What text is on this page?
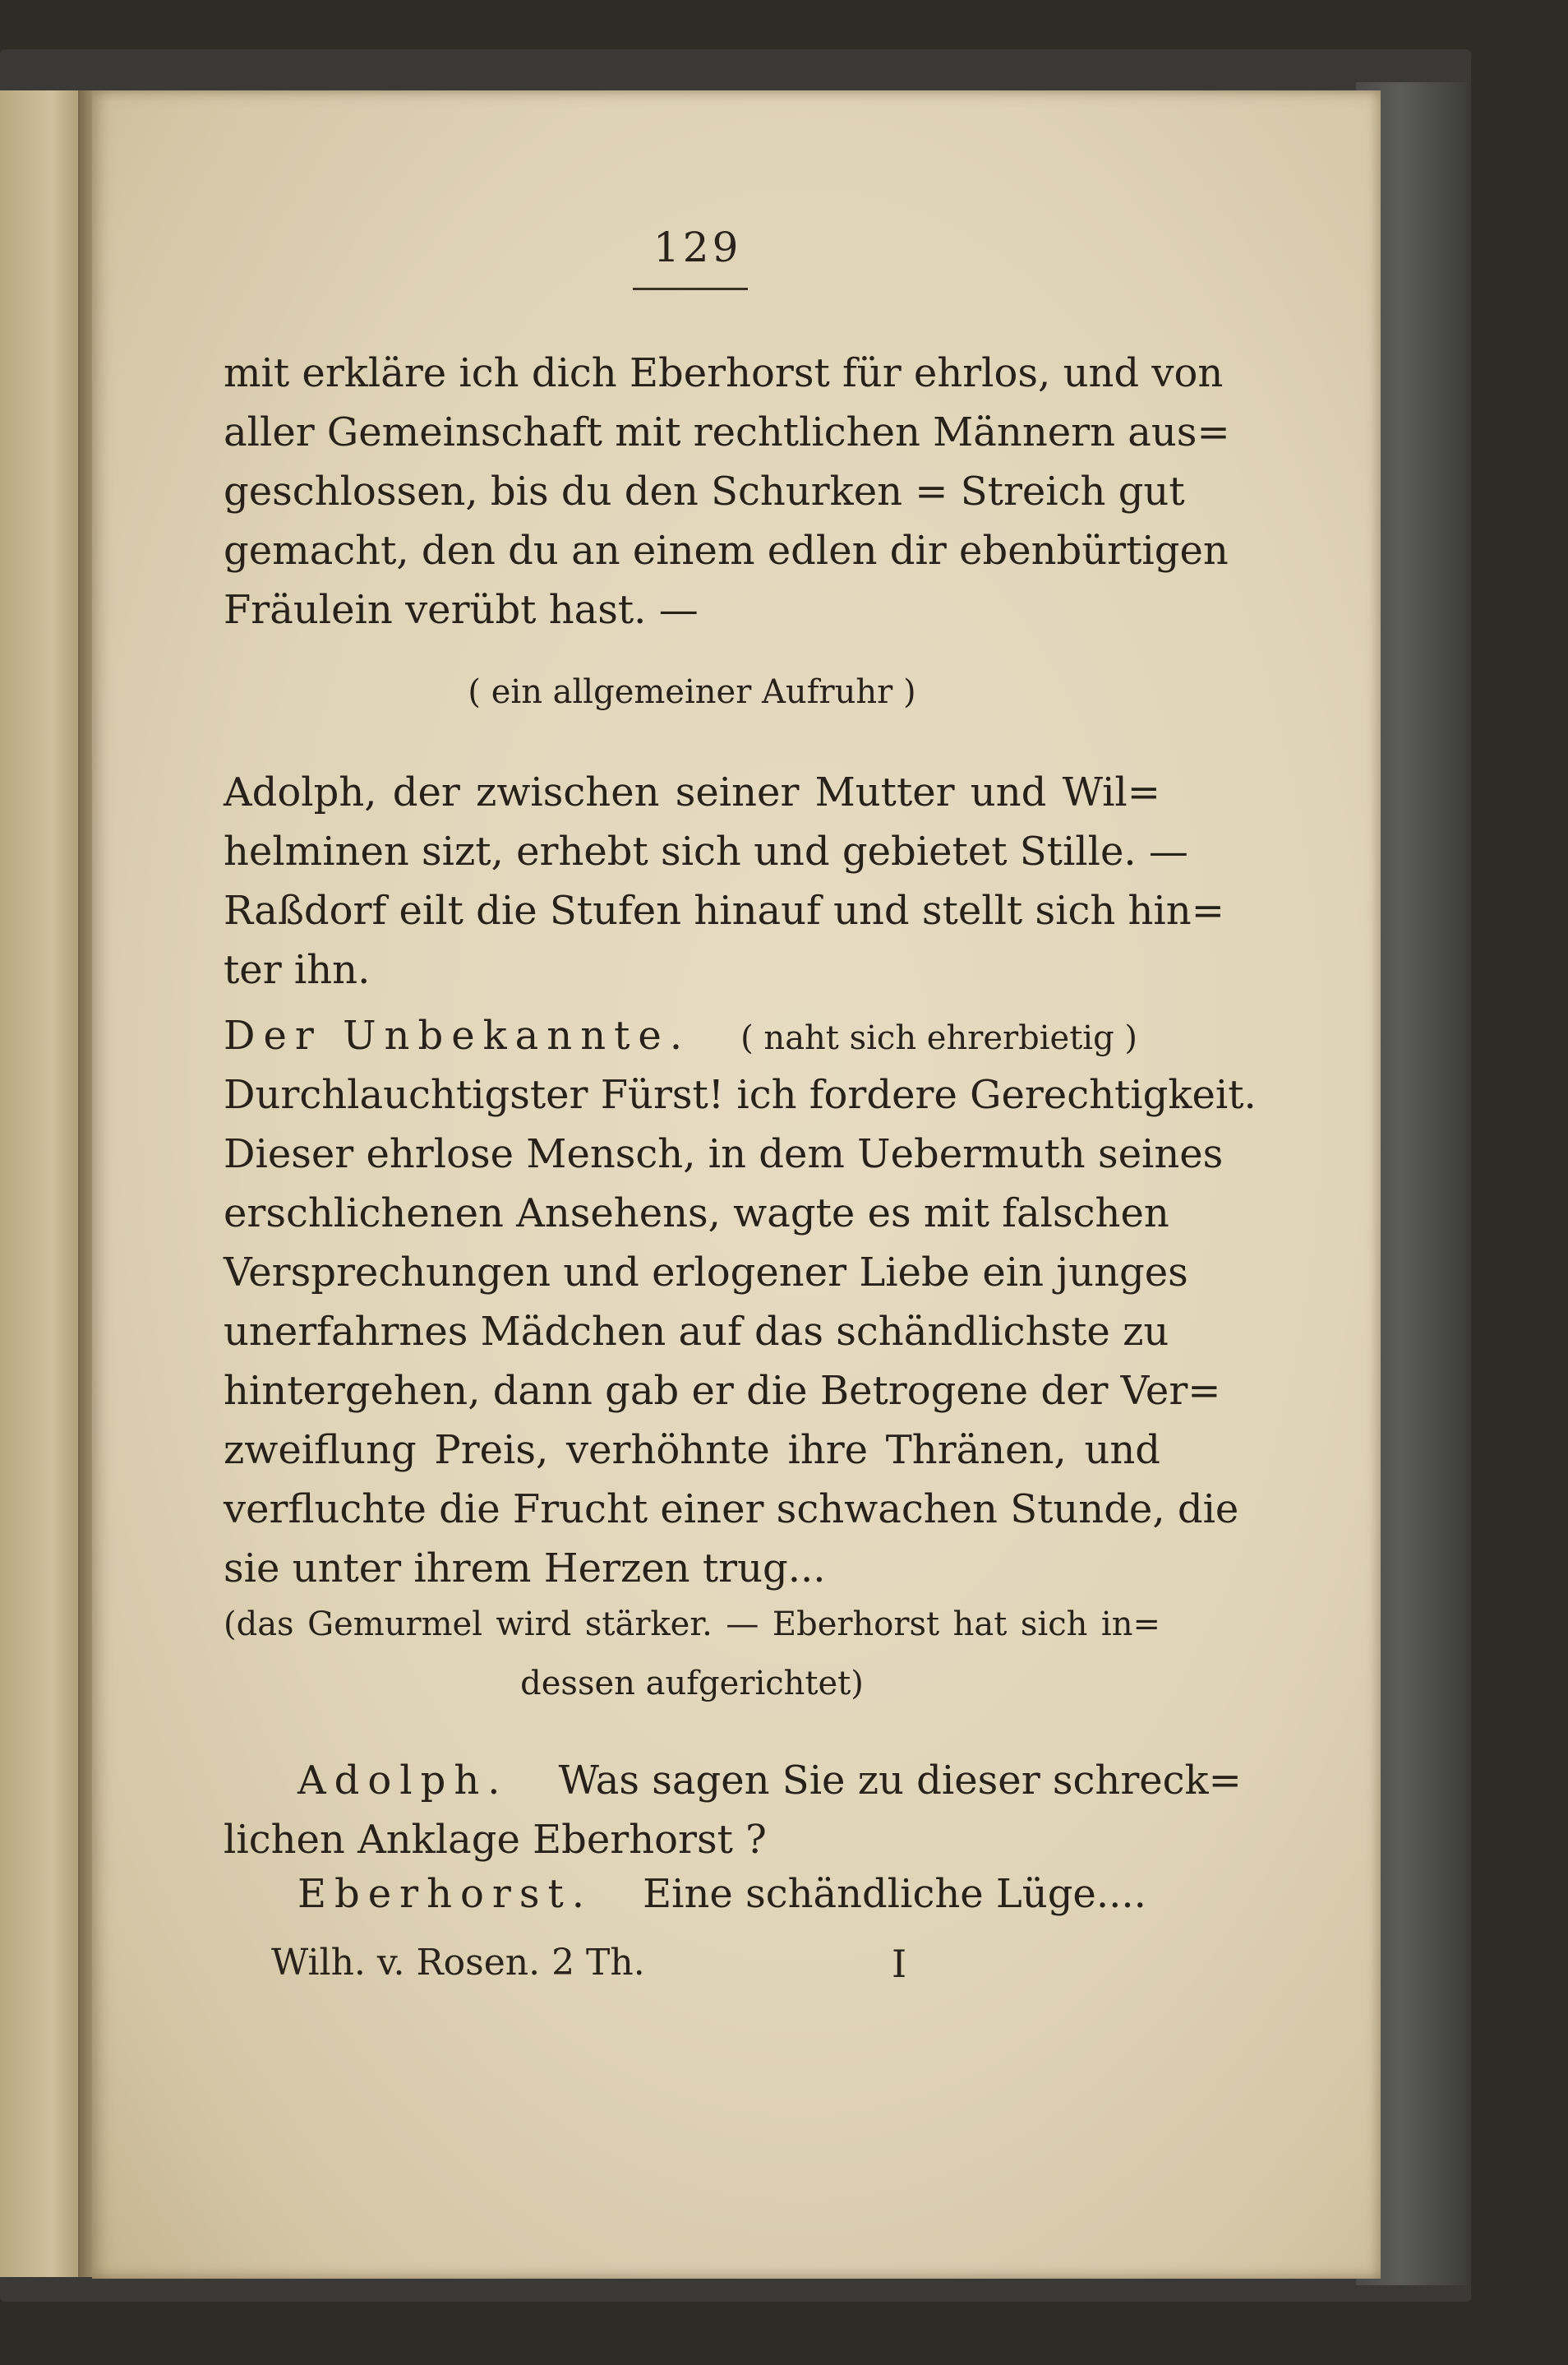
129
mit erkläre ich dich Eberhorst für ehrlos, und von
aller Gemeinschaft mit rechtlichen Männern aus=
geschlossen, bis du den Schurken = Streich gut
gemacht, den du an einem edlen dir ebenbürtigen
Fräulein verübt hast. —
( ein allgemeiner Aufruhr )
Adolph, der zwischen seiner Mutter und Wil=
helminen sizt, erhebt sich und gebietet Stille. —
Raßdorf eilt die Stufen hinauf und stellt sich hin=
ter ihn.
Der Unbekannte. ( naht sich ehrerbietig )
Durchlauchtigster Fürst! ich fordere Gerechtigkeit.
Dieser ehrlose Mensch, in dem Uebermuth seines
erschlichenen Ansehens, wagte es mit falschen
Versprechungen und erlogener Liebe ein junges
unerfahrnes Mädchen auf das schändlichste zu
hintergehen, dann gab er die Betrogene der Ver=
zweiflung Preis, verhöhnte ihre Thränen, und
verfluchte die Frucht einer schwachen Stunde, die
sie unter ihrem Herzen trug...
(das Gemurmel wird stärker. — Eberhorst hat sich in=
dessen aufgerichtet)
Adolph. Was sagen Sie zu dieser schreck=
lichen Anklage Eberhorst ?
Eberhorst. Eine schändliche Lüge....
Wilh. v. Rosen. 2 Th.	I
